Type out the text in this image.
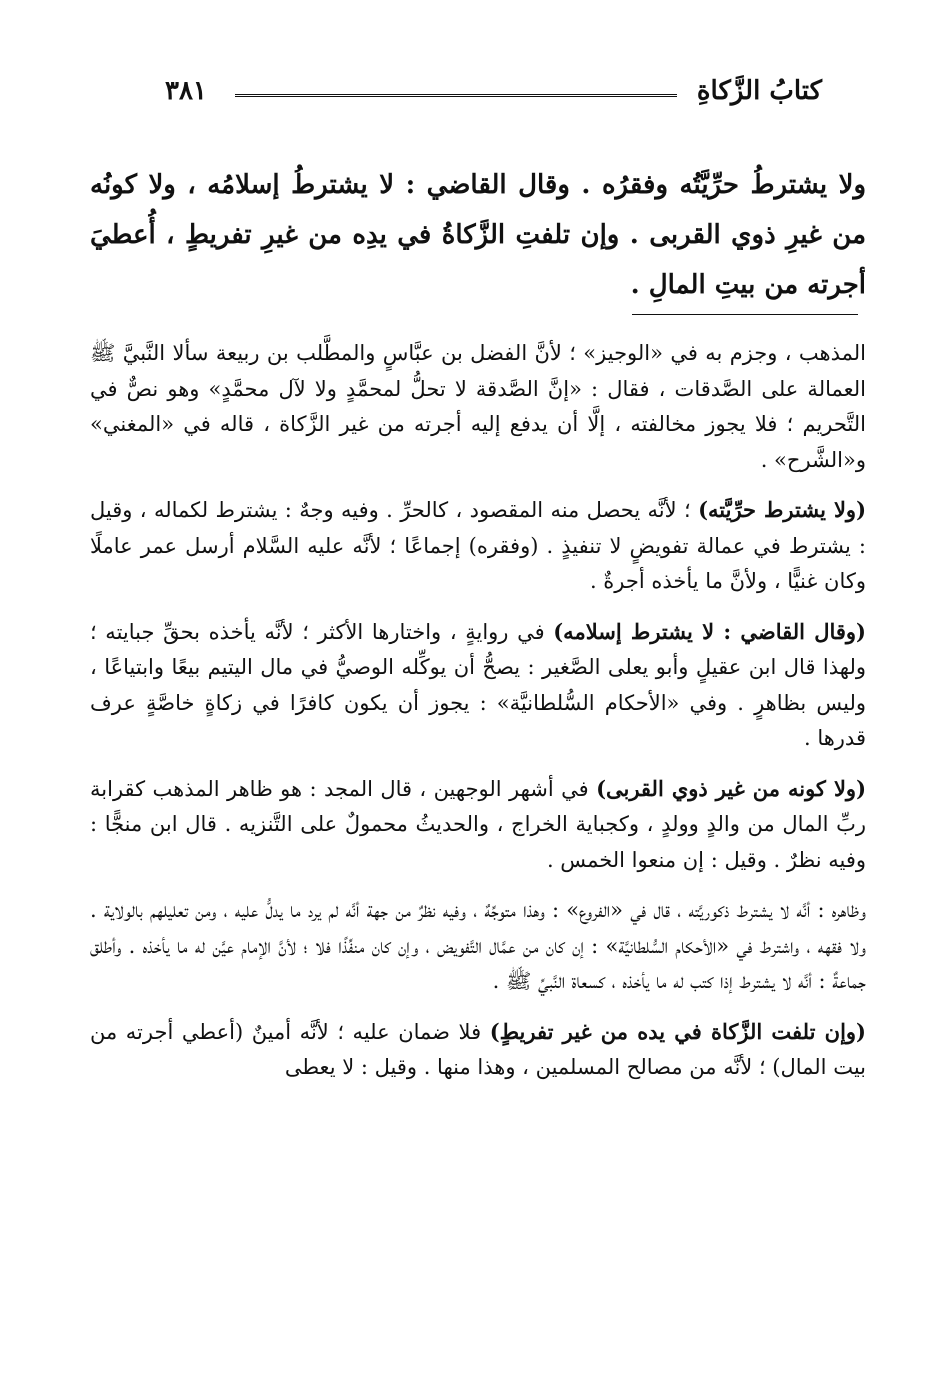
كتابُ الزَّكاةِ
٣٨١
ولا يشترطُ حرِّيَّتُه وفقرُه . وقال القاضي : لا يشترطُ إسلامُه ، ولا كونُه من غيرِ ذوي القربى . وإن تلفتِ الزَّكاةُ في يدِه من غيرِ تفريطٍ ، أُعطيَ أجرته من بيتِ المالِ .

المذهب ، وجزم به في «الوجيز» ؛ لأنَّ الفضل بن عبَّاسٍ والمطَّلب بن ربيعة سألا النَّبيَّ ﷺ العمالة على الصَّدقات ، فقال : «إنَّ الصَّدقة لا تحلُّ لمحمَّدٍ ولا لآل محمَّدٍ» وهو نصٌّ في التَّحريم ؛ فلا يجوز مخالفته ، إلَّا أن يدفع إليه أجرته من غير الزَّكاة ، قاله في «المغني» و«الشَّرح» .

(ولا يشترط حرِّيَّته) ؛ لأنَّه يحصل منه المقصود ، كالحرِّ . وفيه وجهٌ : يشترط لكماله ، وقيل : يشترط في عمالة تفويضٍ لا تنفيذٍ . (وفقره) إجماعًا ؛ لأنَّه عليه السَّلام أرسل عمر عاملًا وكان غنيًّا ، ولأنَّ ما يأخذه أجرةٌ .

(وقال القاضي : لا يشترط إسلامه) في روايةٍ ، واختارها الأكثر ؛ لأنَّه يأخذه بحقِّ جبايته ؛ ولهذا قال ابن عقيلٍ وأبو يعلى الصَّغير : يصحُّ أن يوكِّله الوصيُّ في مال اليتيم بيعًا وابتياعًا ، وليس بظاهرٍ . وفي «الأحكام السُّلطانيَّة» : يجوز أن يكون كافرًا في زكاةٍ خاصَّةٍ عرف قدرها .

(ولا كونه من غير ذوي القربى) في أشهر الوجهين ، قال المجد : هو ظاهر المذهب كقرابة ربِّ المال من والدٍ وولدٍ ، وكجباية الخراج ، والحديثُ محمولٌ على التَّنزيه . قال ابن منجًّا : وفيه نظرٌ . وقيل : إن منعوا الخمس .

وظاهره : أنَّه لا يشترط ذكوريَّته ، قال في «الفروع» : وهذا متوجِّهٌ ، وفيه نظرٌ من جهة أنَّه لم يرد ما يدلُّ عليه ، ومن تعليلهم بالولاية . ولا فقهه ، واشترط في «الأحكام السُّلطانيَّة» : إن كان من عمَّال التَّفويض ، وإن كان منفِّذًا فلا ؛ لأنَّ الإمام عيَّن له ما يأخذه . وأطلق جماعةٌ : أنَّه لا يشترط إذا كتب له ما يأخذه ، كسعاة النَّبيِّ ﷺ .

(وإن تلفت الزَّكاة في يده من غير تفريطٍ) فلا ضمان عليه ؛ لأنَّه أمينٌ (أعطي أجرته من بيت المال) ؛ لأنَّه من مصالح المسلمين ، وهذا منها . وقيل : لا يعطى
